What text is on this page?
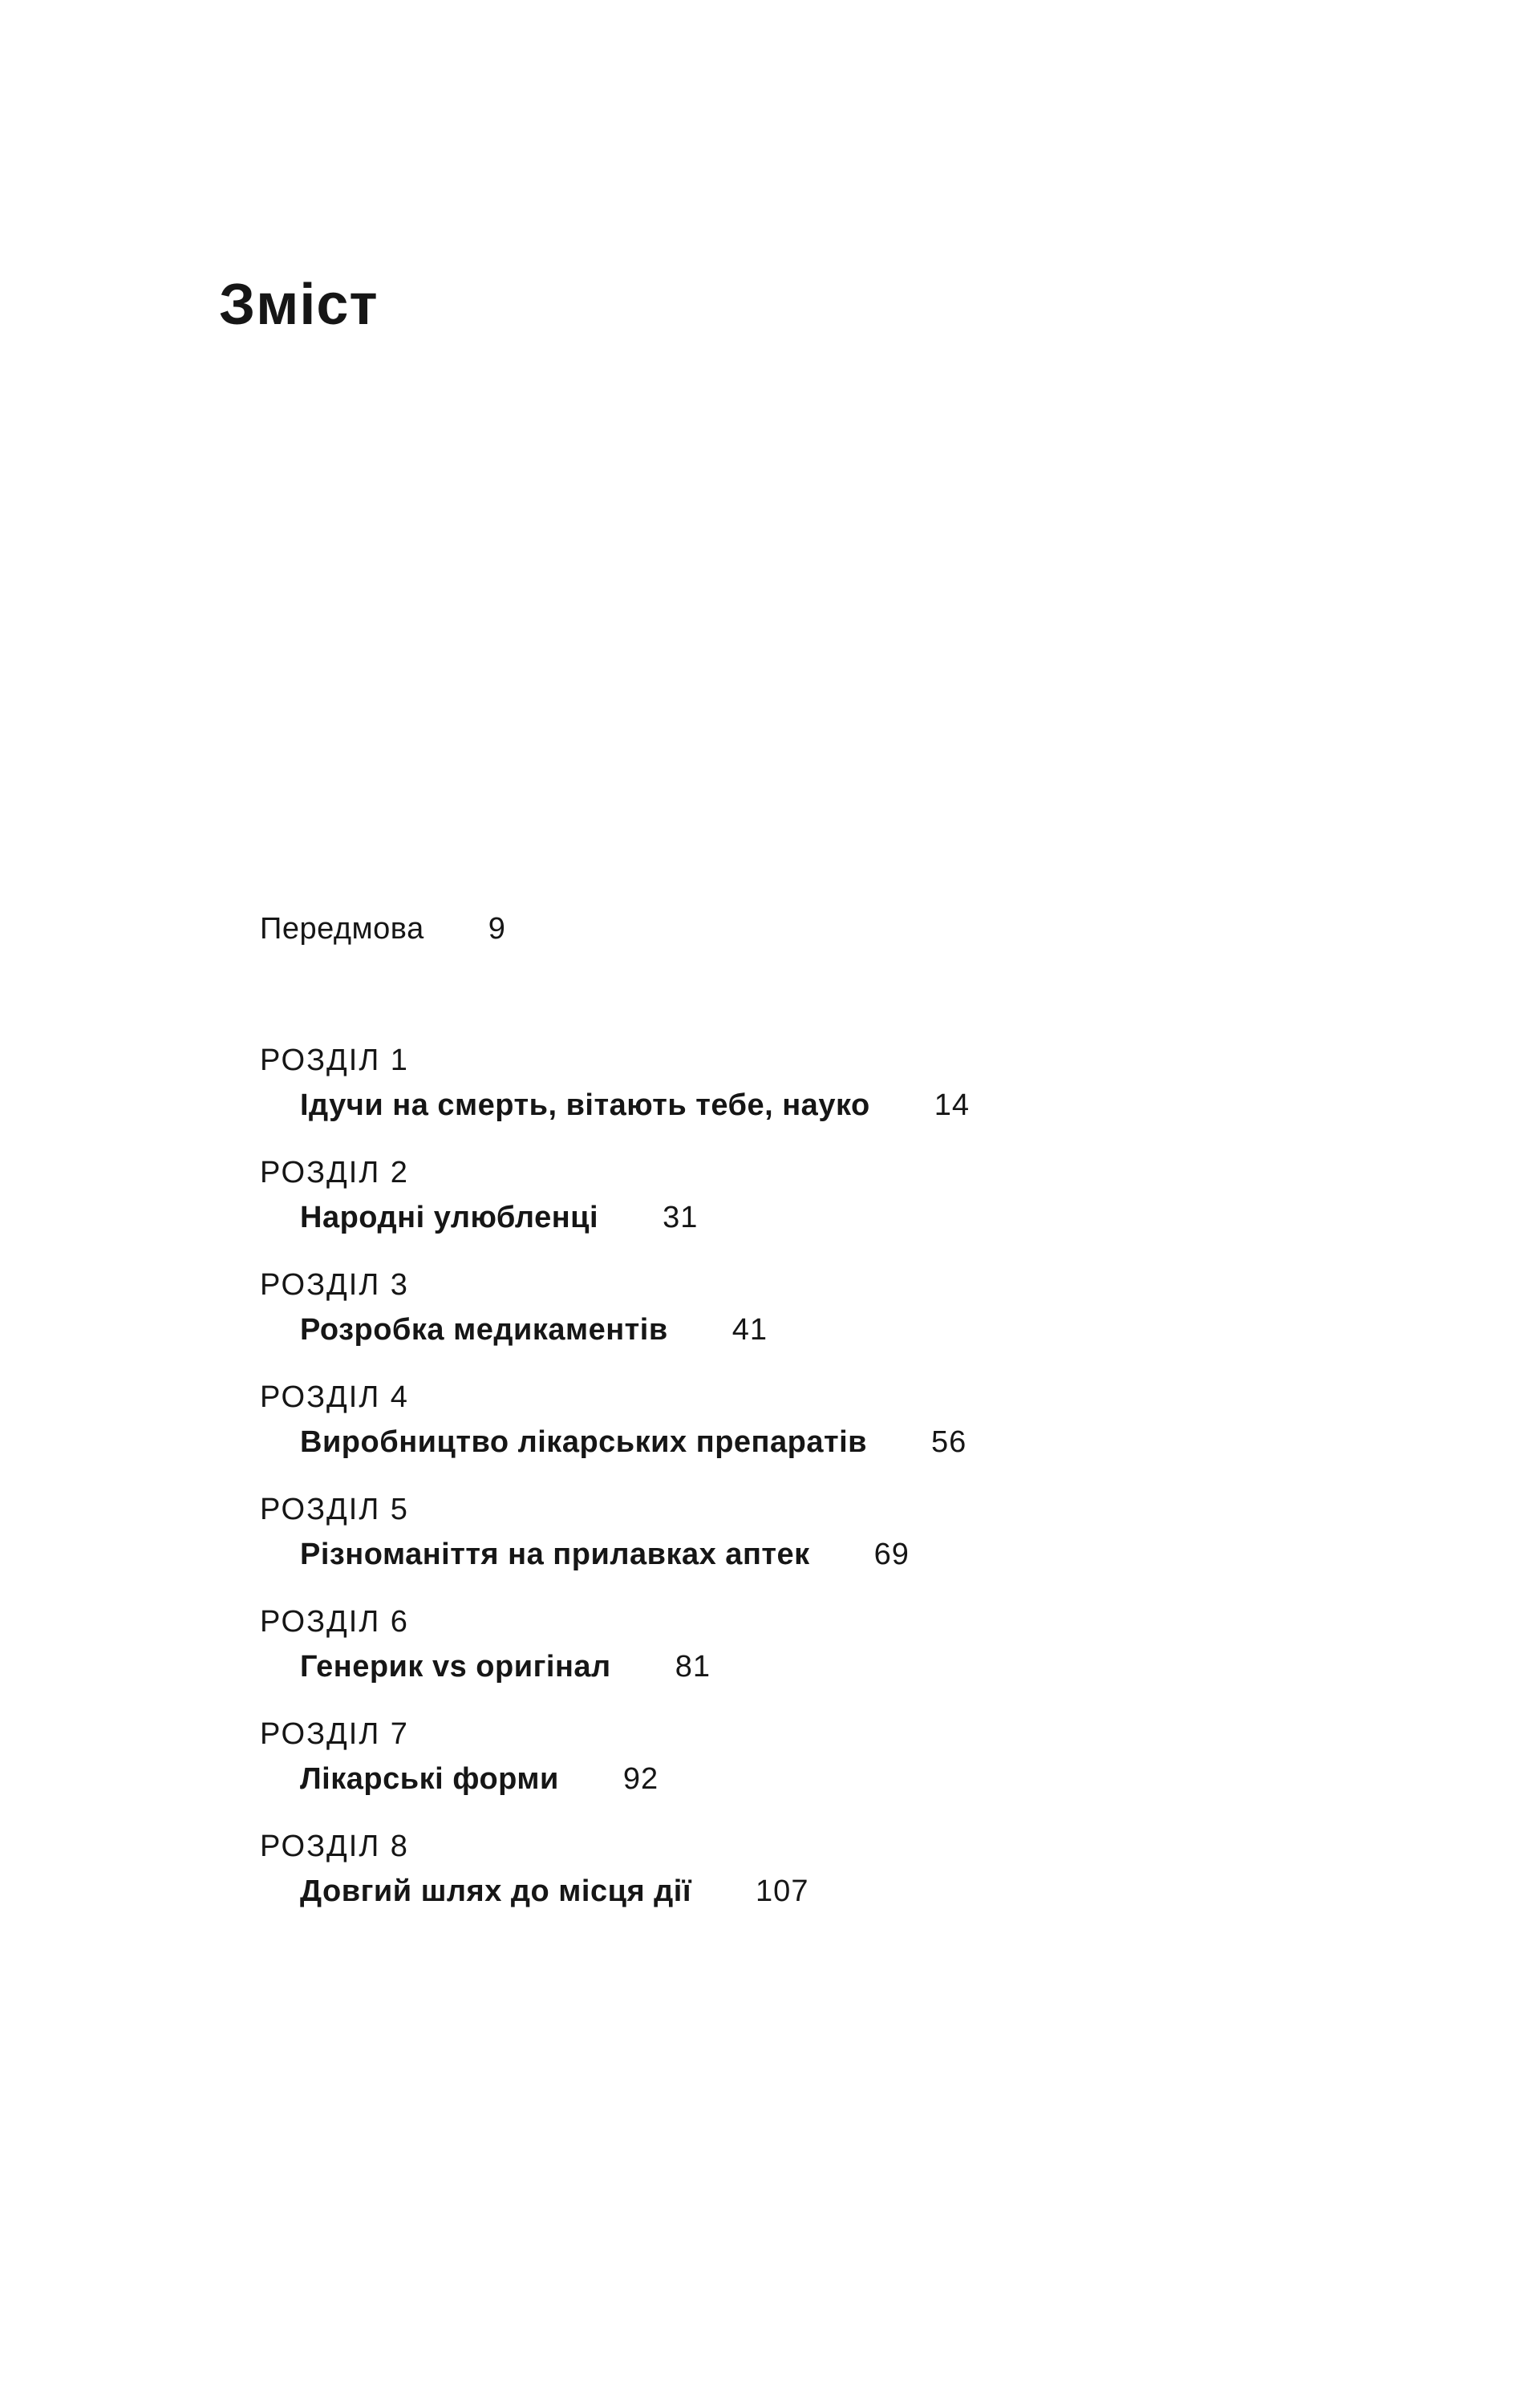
Зміст
Передмова 9
РОЗДІЛ 1
Ідучи на смерть, вітають тебе, науко 14
РОЗДІЛ 2
Народні улюбленці 31
РОЗДІЛ 3
Розробка медикаментів 41
РОЗДІЛ 4
Виробництво лікарських препаратів 56
РОЗДІЛ 5
Різноманіття на прилавках аптек 69
РОЗДІЛ 6
Генерик vs оригінал 81
РОЗДІЛ 7
Лікарські форми 92
РОЗДІЛ 8
Довгий шлях до місця дії 107
